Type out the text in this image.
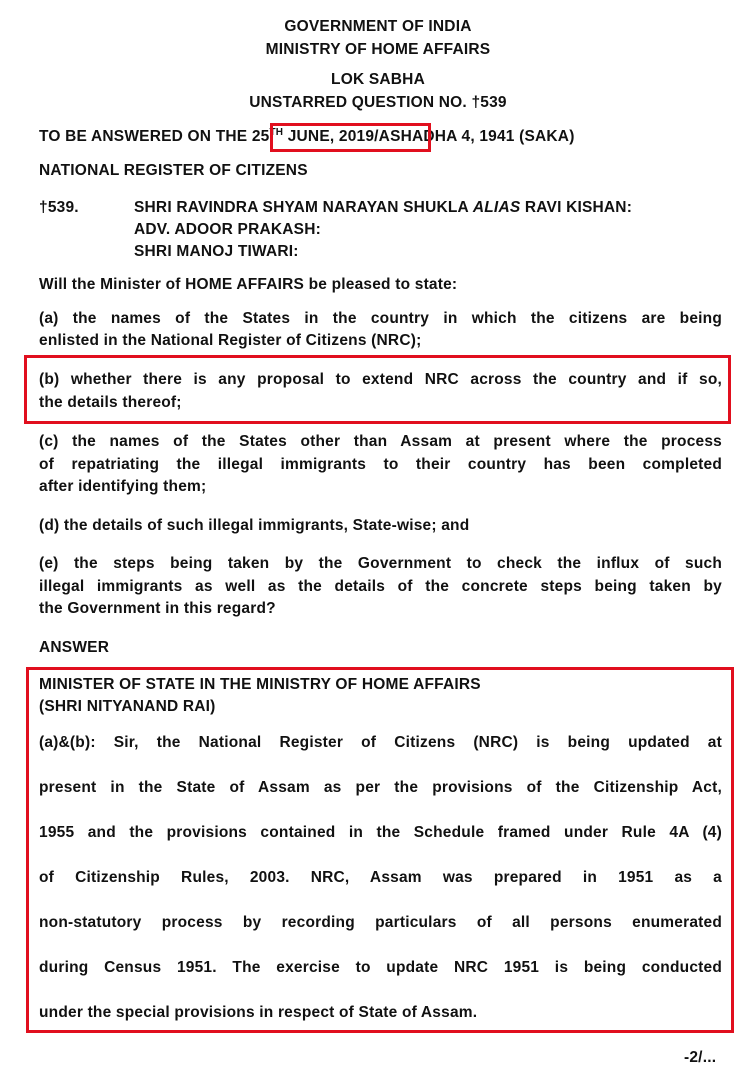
GOVERNMENT OF INDIA
MINISTRY OF HOME AFFAIRS
LOK SABHA
UNSTARRED QUESTION NO. †539
TO BE ANSWERED ON THE 25TH JUNE, 2019/ASHADHA 4, 1941 (SAKA)
NATIONAL REGISTER OF CITIZENS
†539.	SHRI RAVINDRA SHYAM NARAYAN SHUKLA ALIAS RAVI KISHAN:
ADV. ADOOR PRAKASH:
SHRI MANOJ TIWARI:
Will the Minister of HOME AFFAIRS be pleased to state:
(a) the names of the States in the country in which the citizens are being
enlisted in the National Register of Citizens (NRC);
(b) whether there is any proposal to extend NRC across the country and if so,
the details thereof;
(c) the names of the States other than Assam at present where the process
of repatriating the illegal immigrants to their country has been completed
after identifying them;
(d) the details of such illegal immigrants, State-wise; and
(e) the steps being taken by the Government to check the influx of such
illegal immigrants as well as the details of the concrete steps being taken by
the Government in this regard?
ANSWER
MINISTER OF STATE IN THE MINISTRY OF HOME AFFAIRS
(SHRI NITYANAND RAI)
(a)&(b): Sir, the National Register of Citizens (NRC) is being updated at
present in the State of Assam as per the provisions of the Citizenship Act,
1955 and the provisions contained in the Schedule framed under Rule 4A (4)
of Citizenship Rules, 2003. NRC, Assam was prepared in 1951 as a
non-statutory process by recording particulars of all persons enumerated
during Census 1951. The exercise to update NRC 1951 is being conducted
under the special provisions in respect of State of Assam.
-2/...
